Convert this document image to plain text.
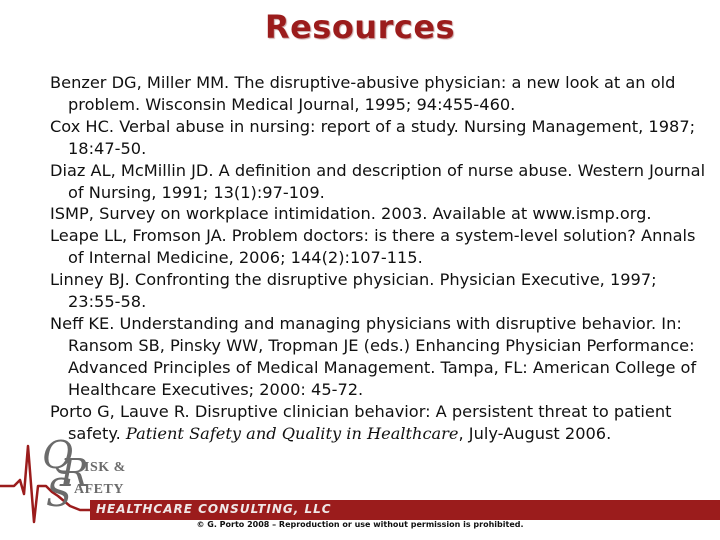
Resources
Benzer DG, Miller MM. The disruptive-abusive physician: a new look at an old problem. Wisconsin Medical Journal, 1995; 94:455-460.
Cox HC. Verbal abuse in nursing: report of a study. Nursing Management, 1987; 18:47-50.
Diaz AL, McMillin JD. A definition and description of nurse abuse. Western Journal of Nursing, 1991; 13(1):97-109.
ISMP, Survey on workplace intimidation. 2003. Available at www.ismp.org.
Leape LL, Fromson JA. Problem doctors: is there a system-level solution? Annals of Internal Medicine, 2006; 144(2):107-115.
Linney BJ. Confronting the disruptive physician. Physician Executive, 1997; 23:55-58.
Neff KE. Understanding and managing physicians with disruptive behavior. In: Ransom SB, Pinsky WW, Tropman JE (eds.) Enhancing Physician Performance: Advanced Principles of Medical Management. Tampa, FL: American College of Healthcare Executives; 2000: 45-72.
Porto G, Lauve R. Disruptive clinician behavior: A persistent threat to patient safety. Patient Safety and Quality in Healthcare, July-August 2006.
Q ISK &
R
S AFETY
HEALTHCARE CONSULTING, LLC
© G. Porto 2008 – Reproduction or use without permission is prohibited.
